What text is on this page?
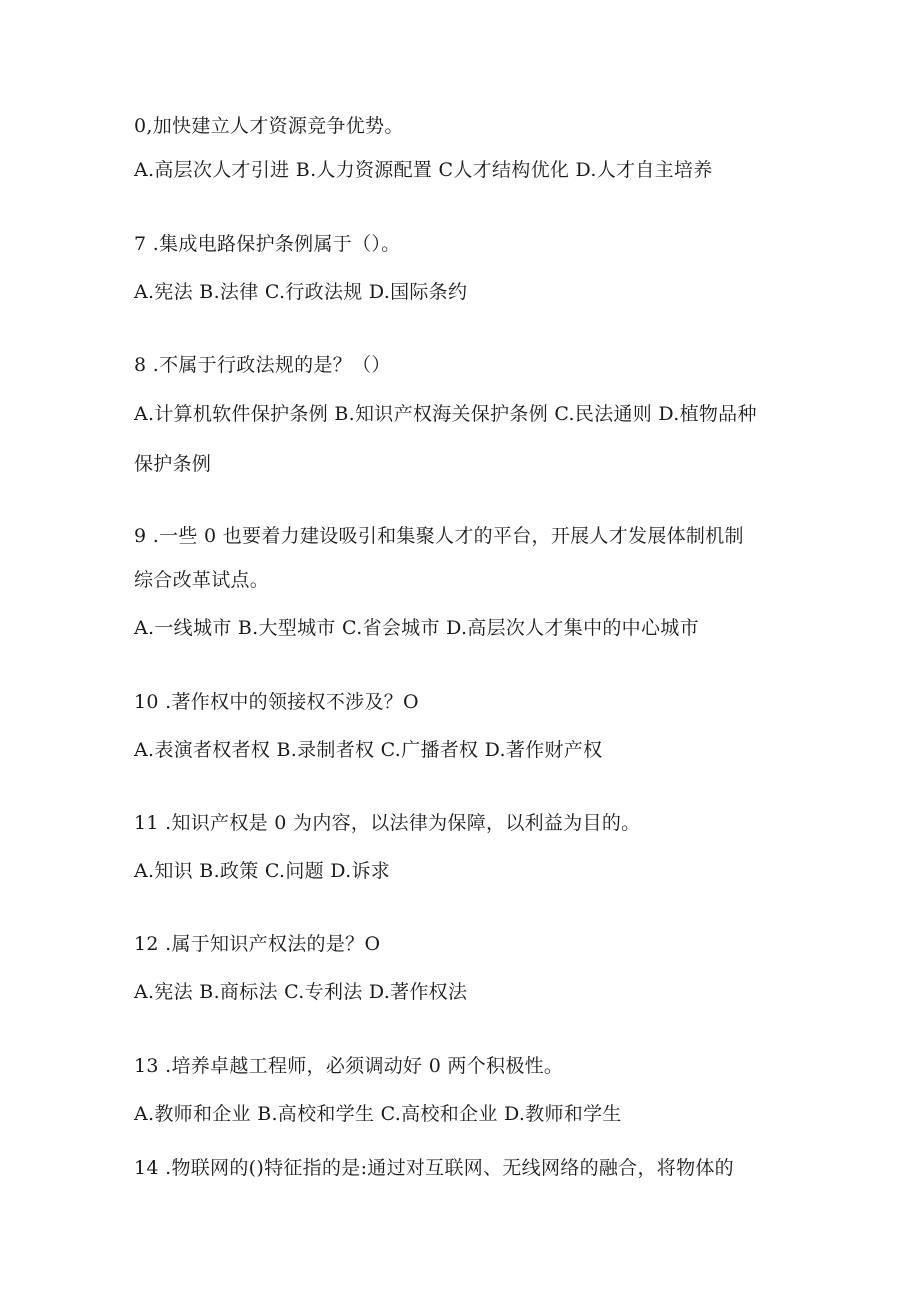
0,加快建立人才资源竞争优势。
A.高层次人才引进 B.人力资源配置 C人才结构优化 D.人才自主培养
7 .集成电路保护条例属于（）。
A.宪法 B.法律 C.行政法规 D.国际条约
8 .不属于行政法规的是？（）
A.计算机软件保护条例 B.知识产权海关保护条例 C.民法通则 D.植物品种
保护条例
9 .一些 0 也要着力建设吸引和集聚人才的平台，开展人才发展体制机制
综合改革试点。
A.一线城市 B.大型城市 C.省会城市 D.高层次人才集中的中心城市
10 .著作权中的领接权不涉及？O
A.表演者权者权 B.录制者权 C.广播者权 D.著作财产权
11 .知识产权是 0 为内容，以法律为保障，以利益为目的。
A.知识 B.政策 C.问题 D.诉求
12 .属于知识产权法的是？O
A.宪法 B.商标法 C.专利法 D.著作权法
13 .培养卓越工程师，必须调动好 0 两个积极性。
A.教师和企业 B.高校和学生 C.高校和企业 D.教师和学生
14 .物联网的()特征指的是:通过对互联网、无线网络的融合，将物体的
